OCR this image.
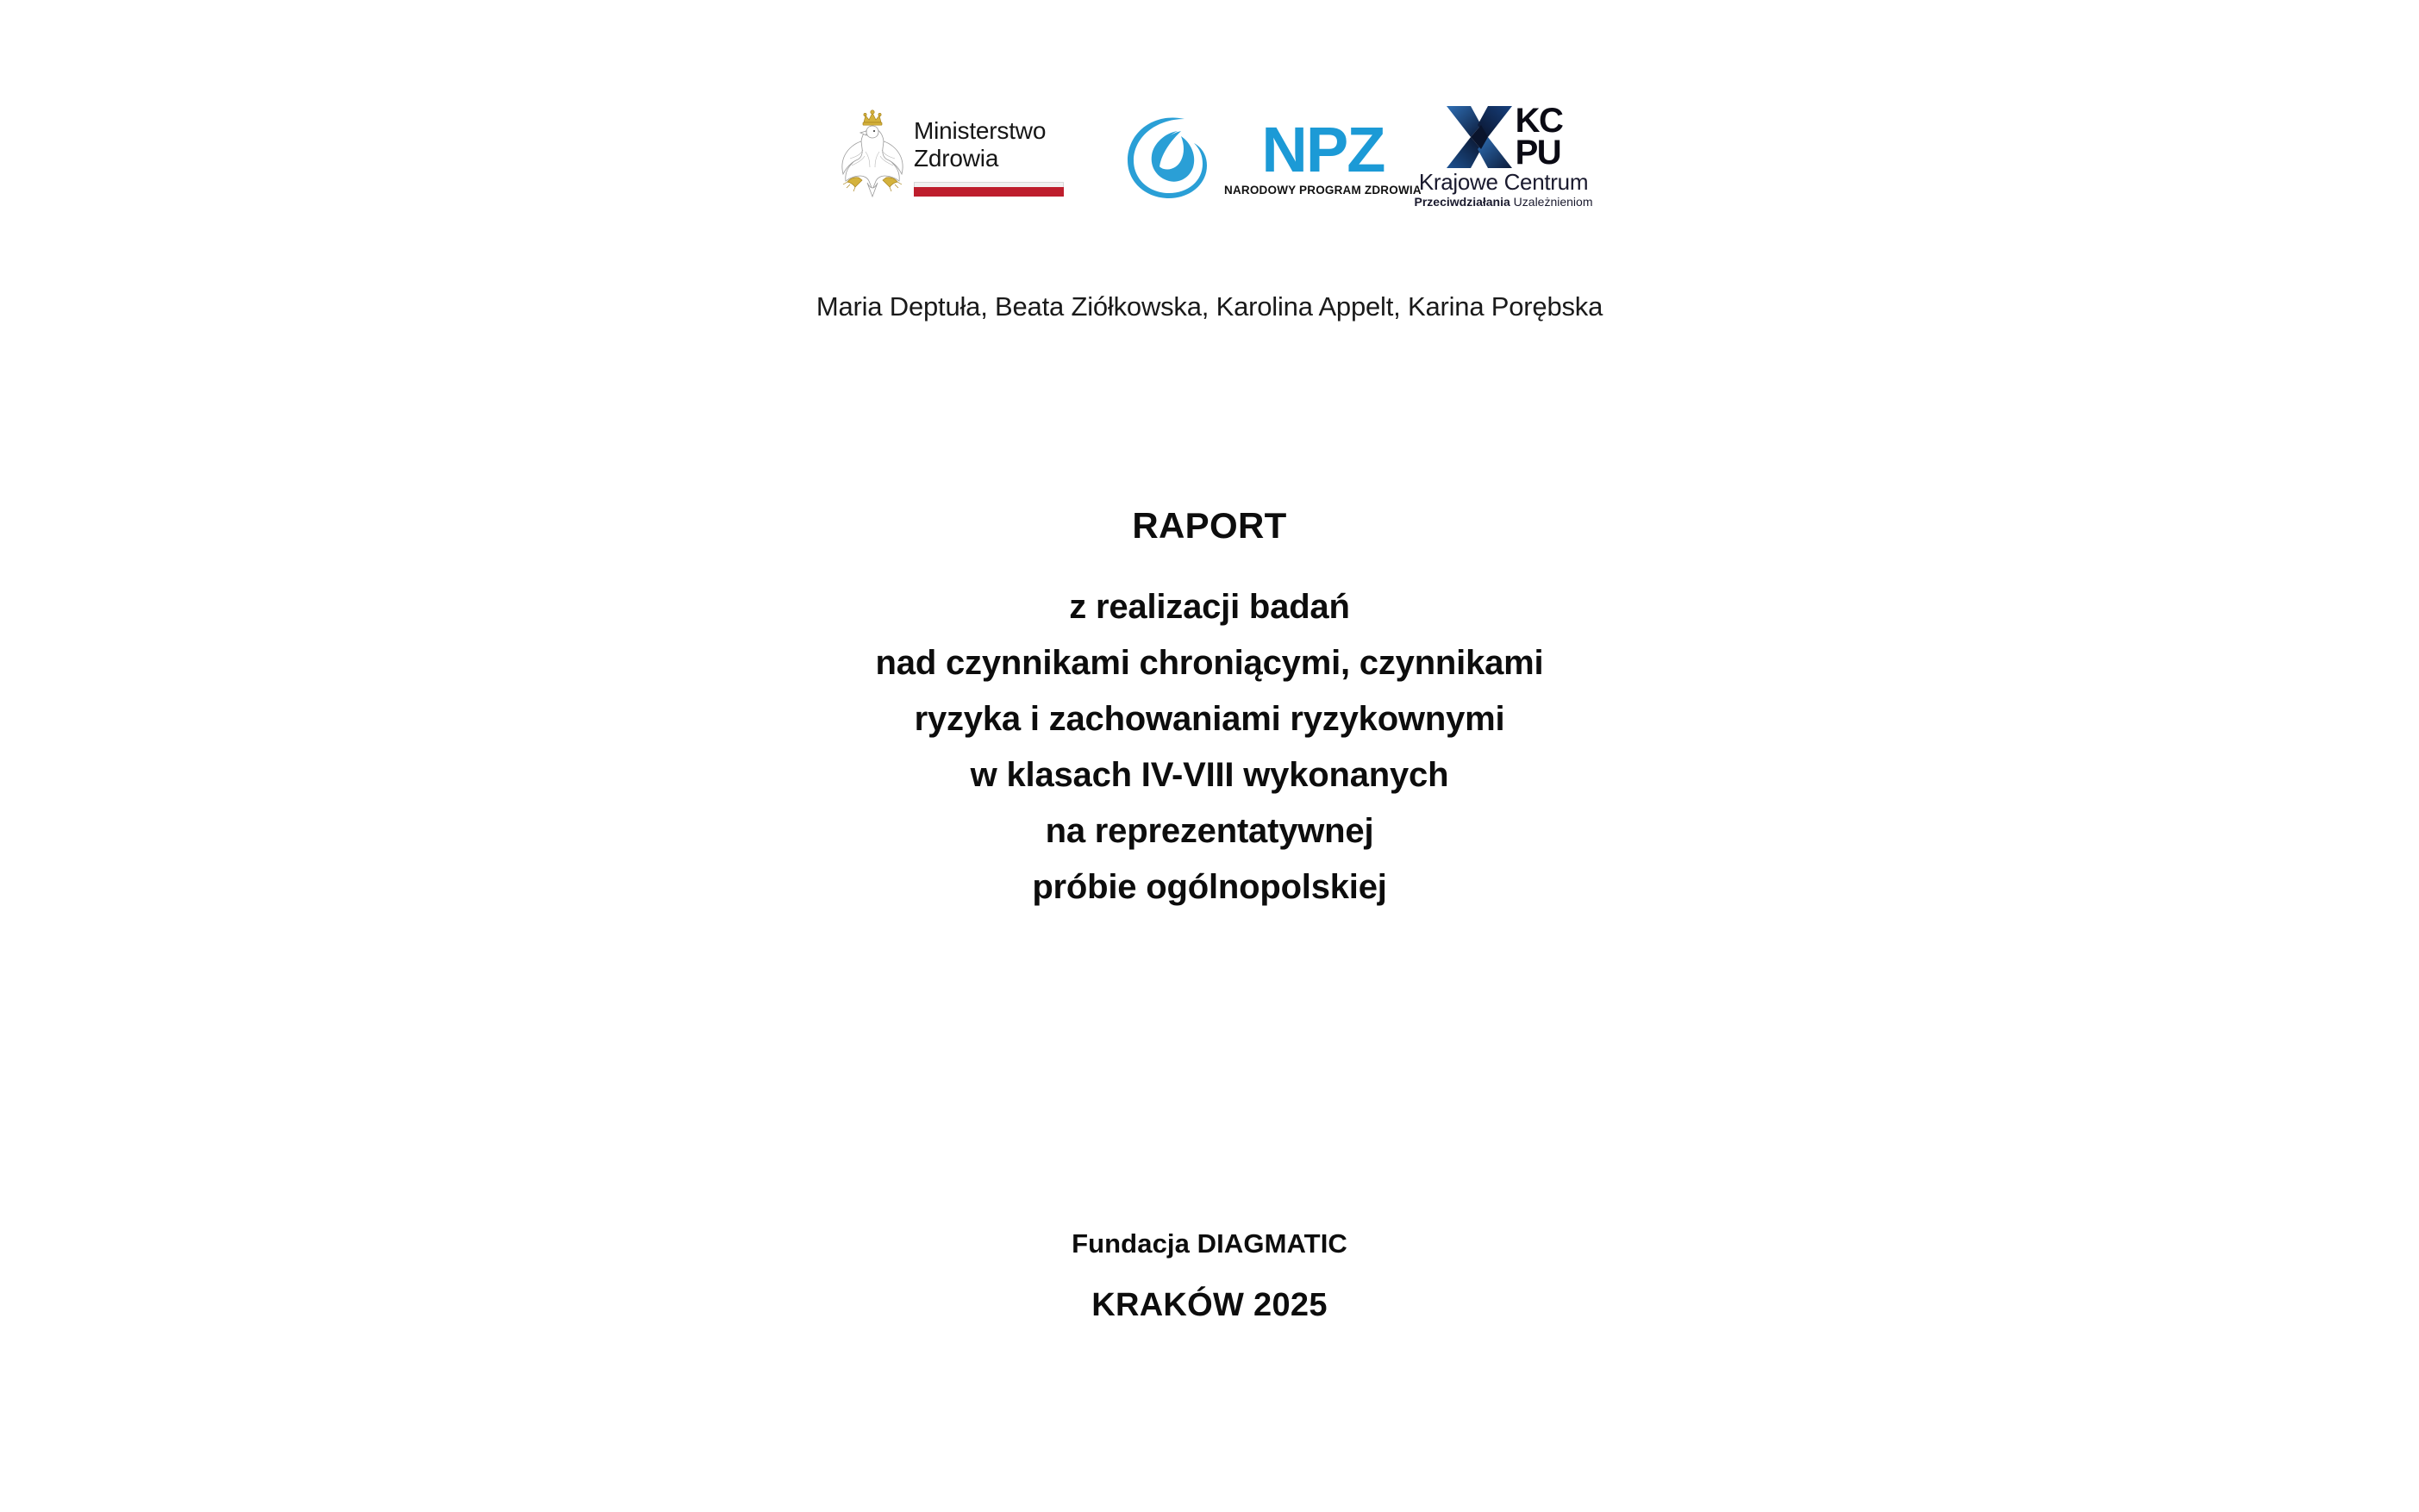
Ministerstwo
Zdrowia	NPZ
NARODOWY PROGRAM ZDROWIA
KC
PU
Krajowe Centrum
Przeciwdziałania Uzależnieniom
Maria Deptuła, Beata Ziółkowska, Karolina Appelt, Karina Porębska
RAPORT
z realizacji badań
nad czynnikami chroniącymi, czynnikami
ryzyka i zachowaniami ryzykownymi
w klasach IV-VIII wykonanych
na reprezentatywnej
próbie ogólnopolskiej
Fundacja DIAGMATIC
KRAKÓW 2025
